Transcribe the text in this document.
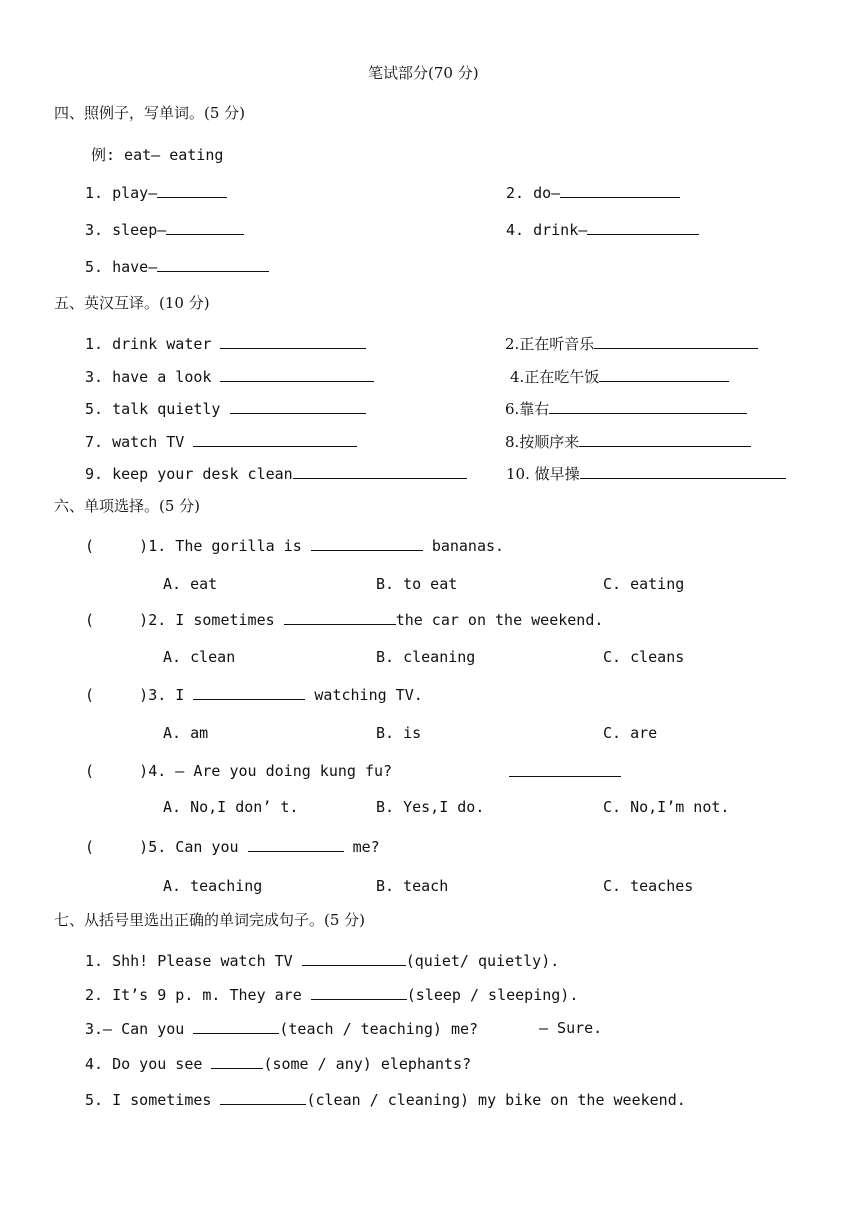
笔试部分(70 分)
四、照例子，写单词。(5 分)
例: eat— eating
1. play—	2. do—
3. sleep—	4. drink—
5. have—
五、英汉互译。(10 分)
1. drink water	2.正在听音乐
3. have a look	4.正在吃午饭
5. talk quietly	6.靠右
7. watch TV	8.按顺序来
9. keep your desk clean	10. 做早操
六、单项选择。(5 分)
(     )1. The gorilla is	bananas.
A. eat	B. to eat	C. eating
(     )2. I sometimes	the car on the weekend.
A. clean	B. cleaning	C. cleans
(     )3. I	watching TV.
A. am	B. is	C. are
(     )4. — Are you doing kung fu?
A. No,I don’ t.	B. Yes,I do.	C. No,I’m not.
(     )5. Can you	me?
A. teaching	B. teach	C. teaches
七、从括号里选出正确的单词完成句子。(5 分)
1. Shh! Please watch TV	(quiet/ quietly).
2. It’s 9 p. m. They are	(sleep / sleeping).
3.— Can you	(teach / teaching) me?	— Sure.
4. Do you see	(some / any) elephants?
5. I sometimes	(clean / cleaning) my bike on the weekend.
